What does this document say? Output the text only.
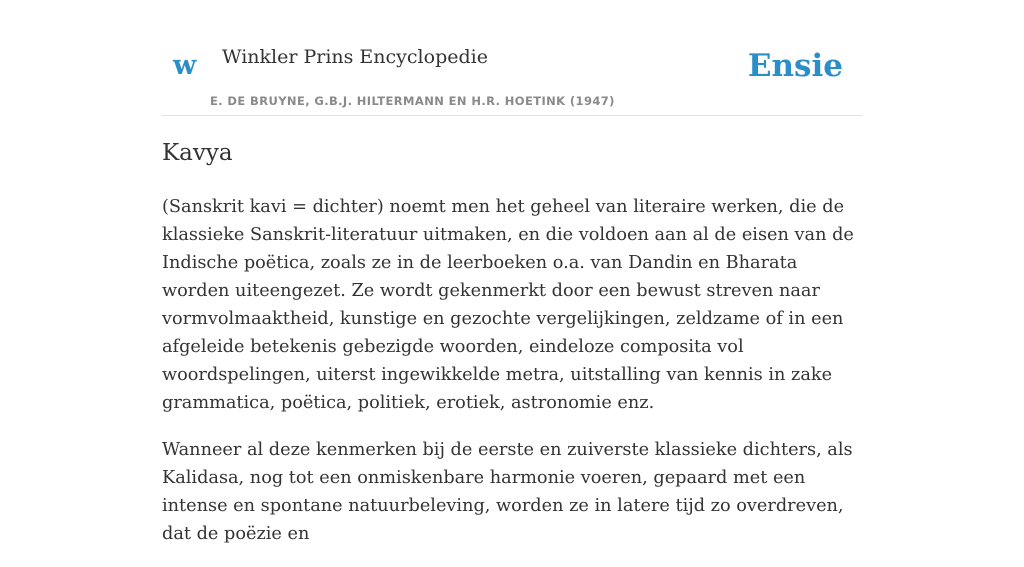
w Winkler Prins Encyclopedie
E. DE BRUYNE, G.B.J. HILTERMANN EN H.R. HOETINK (1947)
Ensie
Kavya

(Sanskrit kavi = dichter) noemt men het geheel van literaire werken, die de klassieke Sanskrit-literatuur uitmaken, en die voldoen aan al de eisen van de Indische poëtica, zoals ze in de leerboeken o.a. van Dandin en Bharata worden uiteengezet. Ze wordt gekenmerkt door een bewust streven naar vormvolmaaktheid, kunstige en gezochte vergelijkingen, zeldzame of in een afgeleide betekenis gebezigde woorden, eindeloze composita vol woordspelingen, uiterst ingewikkelde metra, uitstalling van kennis in zake grammatica, poëtica, politiek, erotiek, astronomie enz.

Wanneer al deze kenmerken bij de eerste en zuiverste klassieke dichters, als Kalidasa, nog tot een onmiskenbare harmonie voeren, gepaard met een intense en spontane natuurbeleving, worden ze in latere tijd zo overdreven, dat de poëzie en
